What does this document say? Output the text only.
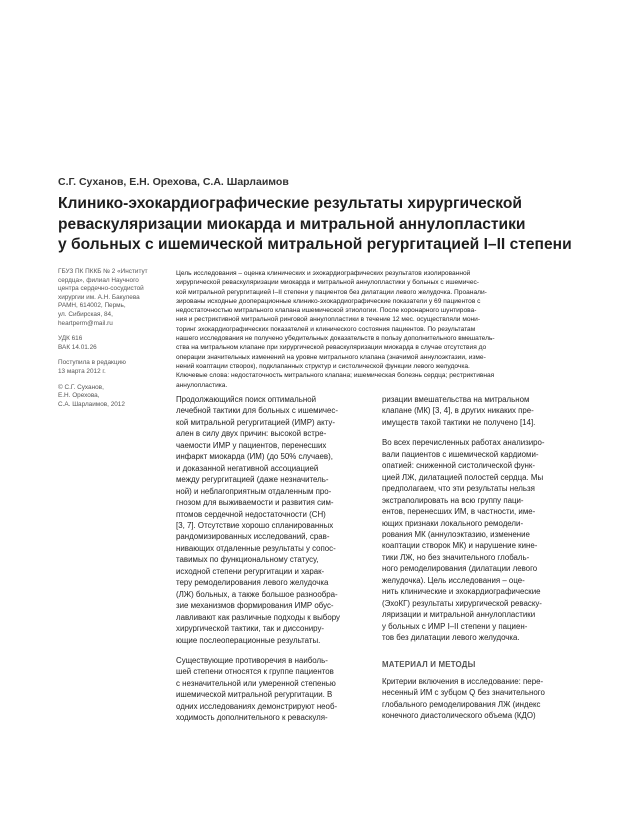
С.Г. Суханов, Е.Н. Орехова, С.А. Шарлаимов
Клинико-эхокардиографические результаты хирургической
реваскуляризации миокарда и митральной аннулопластики
у больных с ишемической митральной регургитацией I–II степени

ГБУЗ ПК ПККБ № 2 «Институт
сердца», филиал Научного
центра сердечно-сосудистой
хирургии им. А.Н. Бакулева
РАМН, 614002, Пермь,
ул. Сибирская, 84,
heartperm@mail.ru

УДК 616
ВАК 14.01.26

Поступила в редакцию
13 марта 2012 г.

© С.Г. Суханов,
Е.Н. Орехова,
С.А. Шарлаимов, 2012

Цель исследования – оценка клинических и эхокардиографических результатов изолированной
хирургической реваскуляризации миокарда и митральной аннулопластики у больных с ишемичес-
кой митральной регургитацией I–II степени у пациентов без дилатации левого желудочка. Проанали-
зированы исходные дооперационные клинико-эхокардиографические показатели у 69 пациентов с
недостаточностью митрального клапана ишемической этиологии. После коронарного шунтирова-
ния и рестриктивной митральной ринговой аннулопластики в течение 12 мес. осуществляли мони-
торинг эхокардиографических показателей и клинического состояния пациентов. По результатам
нашего исследования не получено убедительных доказательств в пользу дополнительного вмешатель-
ства на митральном клапане при хирургической реваскуляризации миокарда в случае отсутствия до
операции значительных изменений на уровне митрального клапана (значимой аннулоэктазии, изме-
нений коаптации створок), подклапанных структур и систолической функции левого желудочка.
Ключевые слова: недостаточность митрального клапана; ишемическая болезнь сердца; рестриктивная
аннулопластика.
Продолжающийся поиск оптимальной
лечебной тактики для больных с ишемичес-
кой митральной регургитацией (ИМР) акту-
ален в силу двух причин: высокой встре-
чаемости ИМР у пациентов, перенесших
инфаркт миокарда (ИМ) (до 50% случаев),
и доказанной негативной ассоциацией
между регургитацией (даже незначитель-
ной) и неблагоприятным отдаленным про-
гнозом для выживаемости и развития сим-
птомов сердечной недостаточности (СН)
[3, 7]. Отсутствие хорошо спланированных
рандомизированных исследований, срав-
нивающих отдаленные результаты у сопос-
тавимых по функциональному статусу,
исходной степени регургитации и харак-
теру ремоделирования левого желудочка
(ЛЖ) больных, а также большое разнообра-
зие механизмов формирования ИМР обус-
лавливают как различные подходы к выбору
хирургической тактики, так и диссониру-
ющие послеоперационные результаты.
Существующие противоречия в наиболь-
шей степени относятся к группе пациентов
с незначительной или умеренной степенью
ишемической митральной регургитации. В
одних исследованиях демонстрируют необ-
ходимость дополнительного к реваскуля-
ризации вмешательства на митральном
клапане (МК) [3, 4], в других никаких пре-
имуществ такой тактики не получено [14].
Во всех перечисленных работах анализиро-
вали пациентов с ишемической кардиоми-
опатией: сниженной систолической функ-
цией ЛЖ, дилатацией полостей сердца. Мы
предполагаем, что эти результаты нельзя
экстраполировать на всю группу паци-
ентов, перенесших ИМ, в частности, име-
ющих признаки локального ремодели-
рования МК (аннулоэктазию, изменение
коаптации створок МК) и нарушение кине-
тики ЛЖ, но без значительного глобаль-
ного ремоделирования (дилатации левого
желудочка). Цель исследования – оце-
нить клинические и эхокардиографические
(ЭхоКГ) результаты хирургической реваску-
ляризации и митральной аннулопластики
у больных с ИМР I–II степени у пациен-
тов без дилатации левого желудочка.
МАТЕРИАЛ И МЕТОДЫ
Критерии включения в исследование: пере-
несенный ИМ с зубцом Q без значительного
глобального ремоделирования ЛЖ (индекс
конечного диастолического объема (КДО)
